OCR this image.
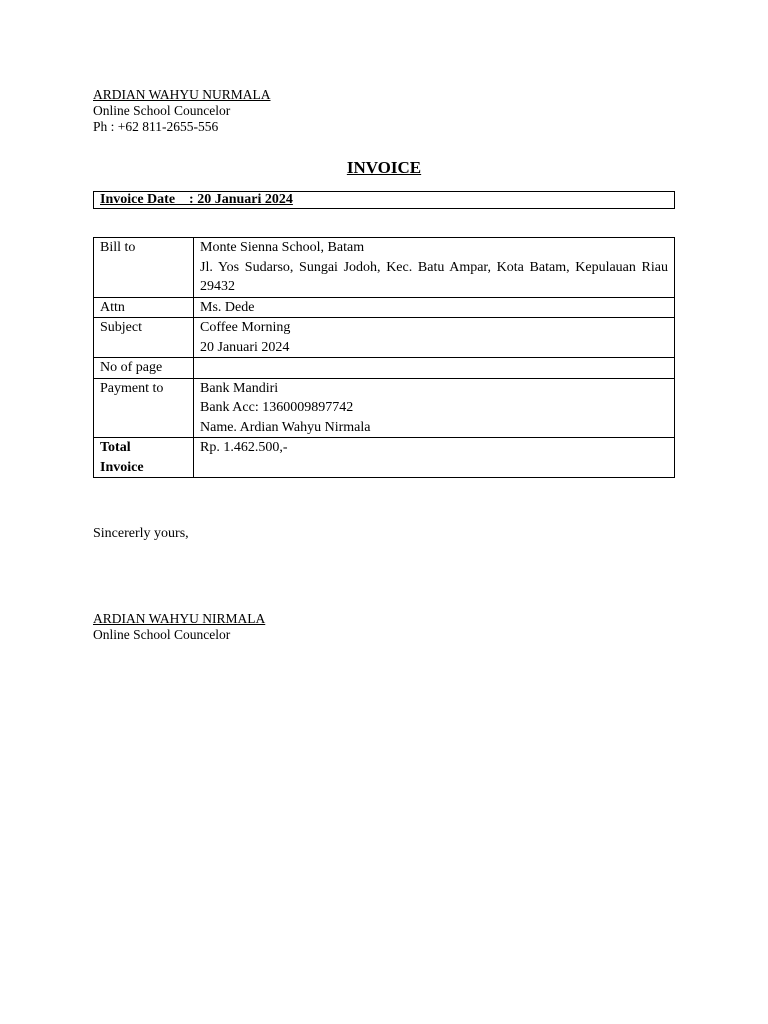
ARDIAN WAHYU NURMALA
Online School Councelor
Ph : +62 811-2655-556
INVOICE
Invoice Date    : 20 Januari 2024
Bill to	Monte Sienna School, Batam
Jl. Yos Sudarso, Sungai Jodoh, Kec. Batu Ampar, Kota Batam, Kepulauan Riau 29432

Attn	Ms. Dede
Subject	Coffee Morning
20 Januari 2024

No of page	
Payment to	Bank Mandiri
Bank Acc: 1360009897742
Name. Ardian Wahyu Nirmala

Total
Invoice	Rp. 1.462.500,-
Sincererly yours,
ARDIAN WAHYU NIRMALA
Online School Councelor
